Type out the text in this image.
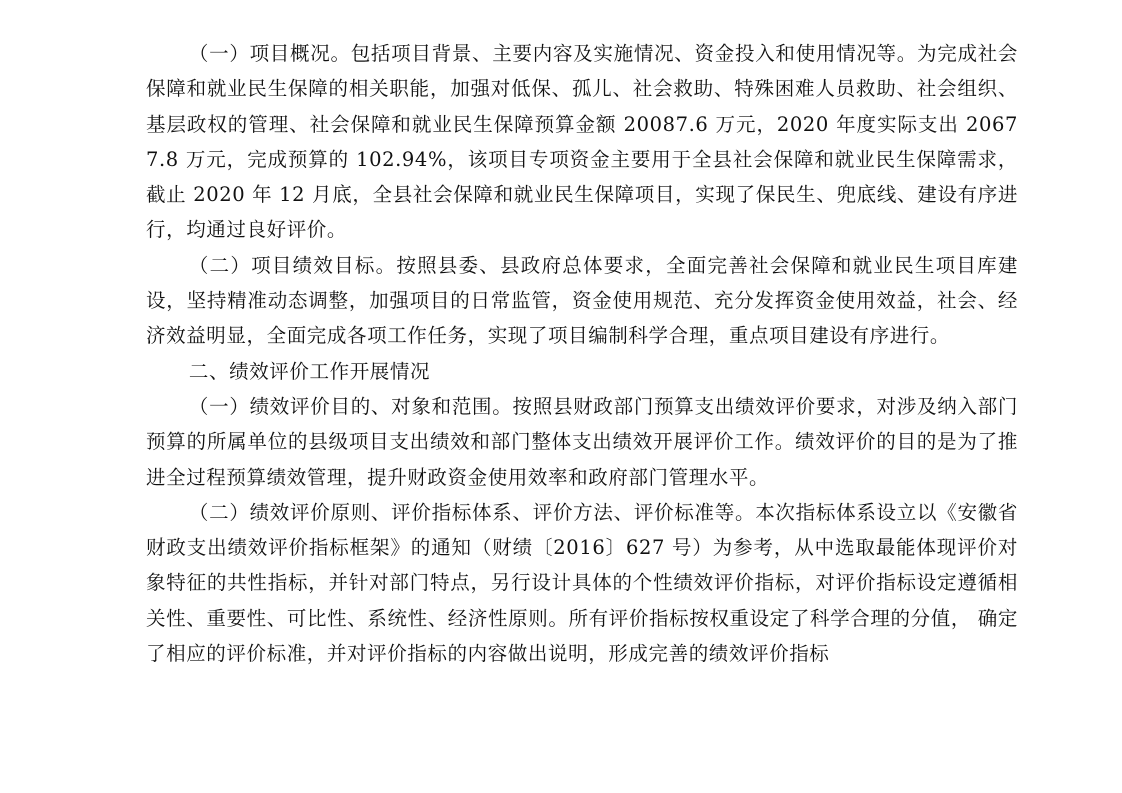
（一）项目概况。包括项目背景、主要内容及实施情况、资金投入和使用情况等。为完成社会保障和就业民生保障的相关职能，加强对低保、孤儿、社会救助、特殊困难人员救助、社会组织、基层政权的管理、社会保障和就业民生保障预算金额 20087.6 万元，2020 年度实际支出 20677.8 万元，完成预算的 102.94%，该项目专项资金主要用于全县社会保障和就业民生保障需求，截止 2020 年 12 月底，全县社会保障和就业民生保障项目，实现了保民生、兜底线、建设有序进行，均通过良好评价。

（二）项目绩效目标。按照县委、县政府总体要求，全面完善社会保障和就业民生项目库建设，坚持精准动态调整，加强项目的日常监管，资金使用规范、充分发挥资金使用效益，社会、经济效益明显，全面完成各项工作任务，实现了项目编制科学合理，重点项目建设有序进行。

二、绩效评价工作开展情况

（一）绩效评价目的、对象和范围。按照县财政部门预算支出绩效评价要求，对涉及纳入部门预算的所属单位的县级项目支出绩效和部门整体支出绩效开展评价工作。绩效评价的目的是为了推进全过程预算绩效管理，提升财政资金使用效率和政府部门管理水平。

（二）绩效评价原则、评价指标体系、评价方法、评价标准等。本次指标体系设立以《安徽省财政支出绩效评价指标框架》的通知（财绩〔2016〕627 号）为参考，从中选取最能体现评价对象特征的共性指标，并针对部门特点，另行设计具体的个性绩效评价指标，对评价指标设定遵循相关性、重要性、可比性、系统性、经济性原则。所有评价指标按权重设定了科学合理的分值， 确定了相应的评价标准，并对评价指标的内容做出说明，形成完善的绩效评价指标
